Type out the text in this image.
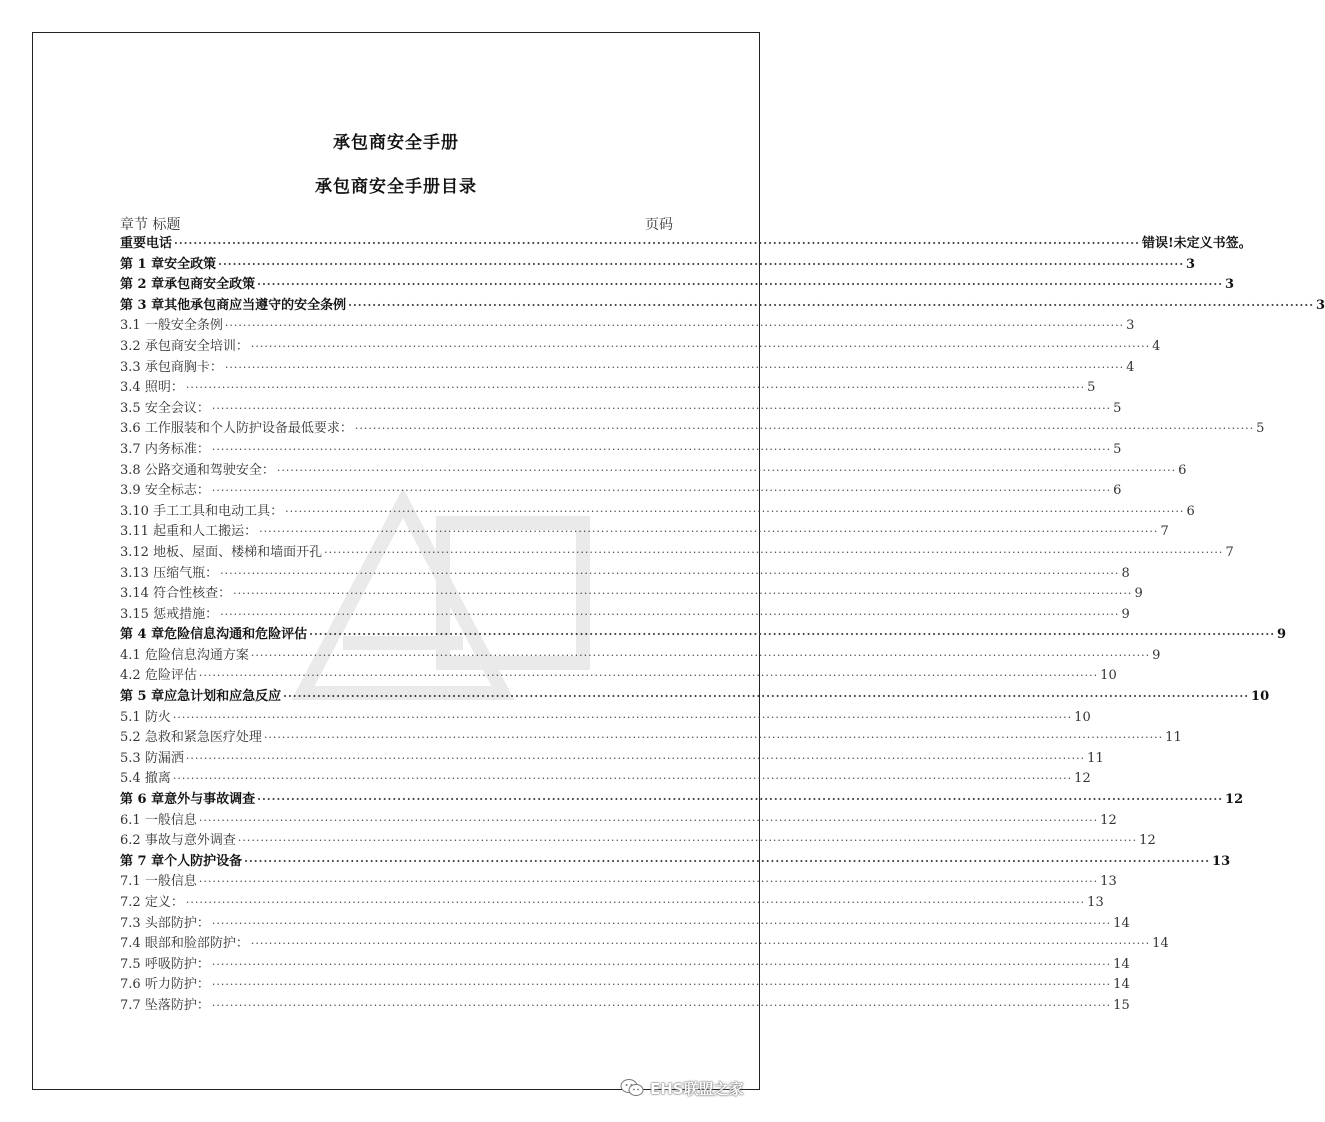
承包商安全手册
承包商安全手册目录
章节 标题	页码
重要电话 ········································································································································································································ 错误!未定义书签。
第 1 章 安全政策 ········································································································································································································ 3
第 2 章 承包商安全政策 ········································································································································································································ 3
第 3 章 其他承包商应当遵守的安全条例 ········································································································································································································ 3
3.1
一般安全条例 ········································································································································································································ 3
3.2
承包商安全培训： ········································································································································································································ 4
3.3
承包商胸卡： ········································································································································································································ 4
3.4
照明： ········································································································································································································ 5
3.5
安全会议： ········································································································································································································ 5
3.6
工作服装和个人防护设备最低要求： ········································································································································································································ 5
3.7
内务标准： ········································································································································································································ 5
3.8
公路交通和驾驶安全： ········································································································································································································ 6
3.9
安全标志： ········································································································································································································ 6
3.10
手工工具和电动工具： ········································································································································································································ 6
3.11
起重和人工搬运： ········································································································································································································ 7
3.12
地板、屋面、楼梯和墙面开孔 ········································································································································································································ 7
3.13
压缩气瓶： ········································································································································································································ 8
3.14
符合性核查： ········································································································································································································ 9
3.15
惩戒措施： ········································································································································································································ 9
第 4 章 危险信息沟通和危险评估 ········································································································································································································ 9
4.1
危险信息沟通方案 ········································································································································································································ 9
4.2
危险评估 ········································································································································································································ 10
第 5 章 应急计划和应急反应 ········································································································································································································ 10
5.1
防火 ········································································································································································································ 10
5.2
急救和紧急医疗处理 ········································································································································································································ 11
5.3
防漏洒 ········································································································································································································ 11
5.4
撤离 ········································································································································································································ 12
第 6 章 意外与事故调查 ········································································································································································································ 12
6.1
一般信息 ········································································································································································································ 12
6.2
事故与意外调查 ········································································································································································································ 12
第 7 章 个人防护设备 ········································································································································································································ 13
7.1
一般信息 ········································································································································································································ 13
7.2
定义： ········································································································································································································ 13
7.3
头部防护： ········································································································································································································ 14
7.4
眼部和脸部防护： ········································································································································································································ 14
7.5
呼吸防护： ········································································································································································································ 14
7.6
听力防护： ········································································································································································································ 14
7.7
坠落防护： ········································································································································································································ 15
EHS联盟之家
